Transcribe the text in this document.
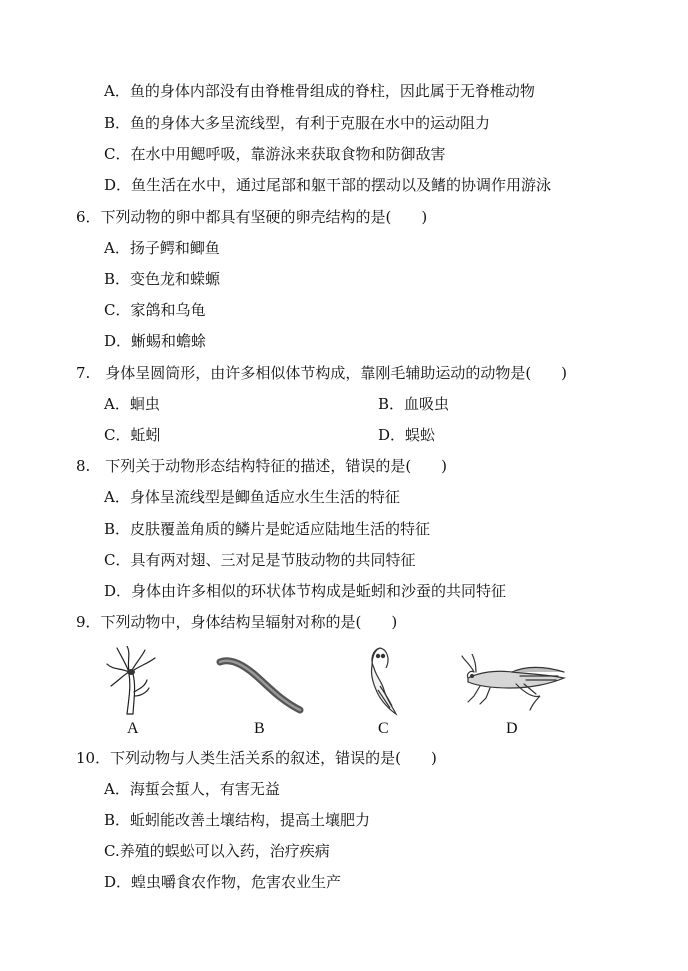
A．鱼的身体内部没有由脊椎骨组成的脊柱，因此属于无脊椎动物
B．鱼的身体大多呈流线型，有利于克服在水中的运动阻力
C．在水中用鳃呼吸，靠游泳来获取食物和防御敌害
D．鱼生活在水中，通过尾部和躯干部的摆动以及鳍的协调作用游泳
6．下列动物的卵中都具有坚硬的卵壳结构的是(　　)
A．扬子鳄和鲫鱼
B．变色龙和蝾螈
C．家鸽和乌龟
D．蜥蜴和蟾蜍
7.　身体呈圆筒形，由许多相似体节构成，靠刚毛辅助运动的动物是(　　)
A．蛔虫	B．血吸虫
C．蚯蚓	D．蜈蚣
8.　下列关于动物形态结构特征的描述，错误的是(　　)
A．身体呈流线型是鲫鱼适应水生生活的特征
B．皮肤覆盖角质的鳞片是蛇适应陆地生活的特征
C．具有两对翅、三对足是节肢动物的共同特征
D．身体由许多相似的环状体节构成是蚯蚓和沙蚕的共同特征
9．下列动物中，身体结构呈辐射对称的是(　　)
A	B	C	D
10．下列动物与人类生活关系的叙述，错误的是(　　)
A．海蜇会蜇人，有害无益
B．蚯蚓能改善土壤结构，提高土壤肥力
C.养殖的蜈蚣可以入药，治疗疾病
D．蝗虫嚼食农作物，危害农业生产
